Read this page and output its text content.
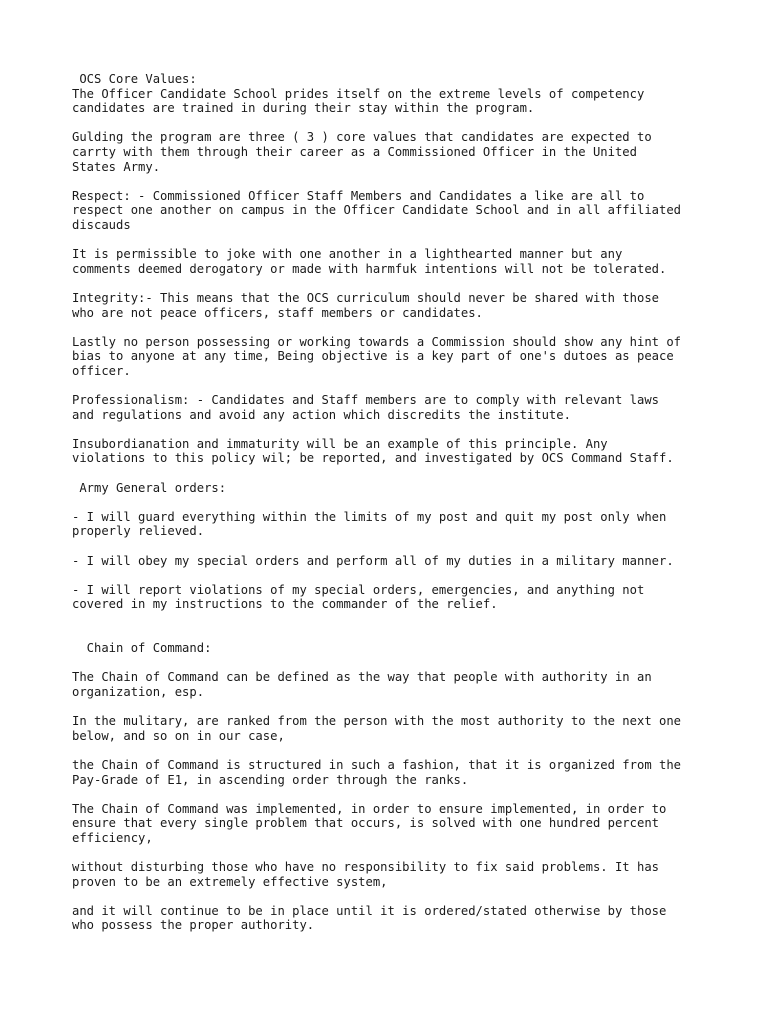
OCS Core Values:
The Officer Candidate School prides itself on the extreme levels of competency
candidates are trained in during their stay within the program.
Gulding the program are three ( 3 ) core values that candidates are expected to
carrty with them through their career as a Commissioned Officer in the United
States Army.
Respect: - Commissioned Officer Staff Members and Candidates a like are all to
respect one another on campus in the Officer Candidate School and in all affiliated
discauds
It is permissible to joke with one another in a lighthearted manner but any
comments deemed derogatory or made with harmfuk intentions will not be tolerated.
Integrity:- This means that the OCS curriculum should never be shared with those
who are not peace officers, staff members or candidates.
Lastly no person possessing or working towards a Commission should show any hint of
bias to anyone at any time, Being objective is a key part of one's dutoes as peace
officer.
Professionalism: - Candidates and Staff members are to comply with relevant laws
and regulations and avoid any action which discredits the institute.
Insubordianation and immaturity will be an example of this principle. Any
violations to this policy wil; be reported, and investigated by OCS Command Staff.
Army General orders:
- I will guard everything within the limits of my post and quit my post only when
properly relieved.
- I will obey my special orders and perform all of my duties in a military manner.
- I will report violations of my special orders, emergencies, and anything not
covered in my instructions to the commander of the relief.
Chain of Command:
The Chain of Command can be defined as the way that people with authority in an
organization, esp.
In the mulitary, are ranked from the person with the most authority to the next one
below, and so on in our case,
the Chain of Command is structured in such a fashion, that it is organized from the
Pay-Grade of E1, in ascending order through the ranks.
The Chain of Command was implemented, in order to ensure implemented, in order to
ensure that every single problem that occurs, is solved with one hundred percent
efficiency,
without disturbing those who have no responsibility to fix said problems. It has
proven to be an extremely effective system,
and it will continue to be in place until it is ordered/stated otherwise by those
who possess the proper authority.
